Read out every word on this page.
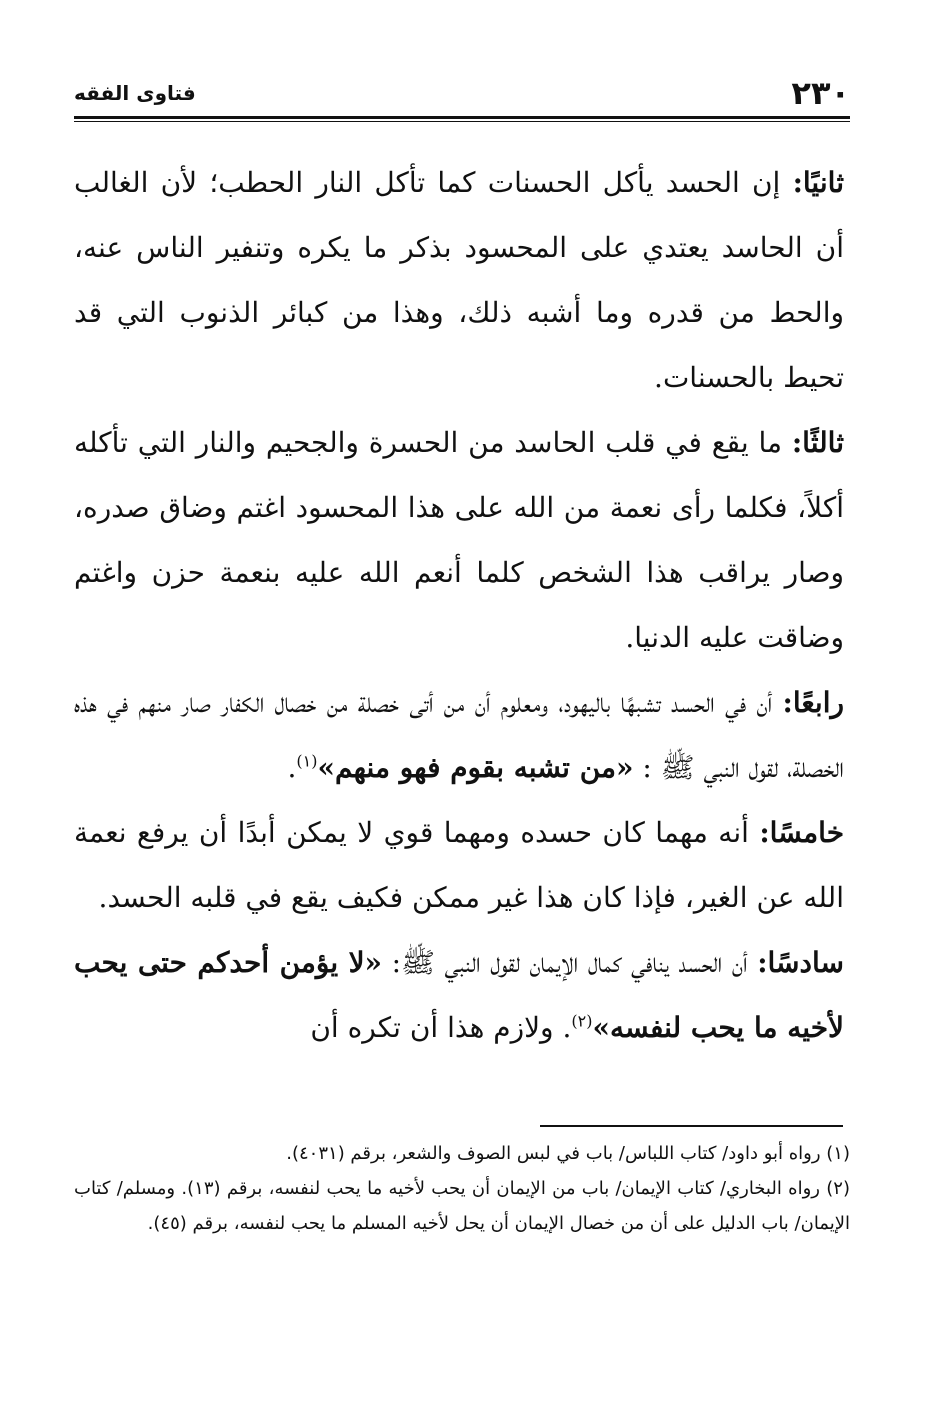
٢٣٠
فتاوى الفقه

ثانيًا: إن الحسد يأكل الحسنات كما تأكل النار الحطب؛ لأن الغالب أن الحاسد يعتدي على المحسود بذكر ما يكره وتنفير الناس عنه، والحط من قدره وما أشبه ذلك، وهذا من كبائر الذنوب التي قد تحيط بالحسنات.

ثالثًا: ما يقع في قلب الحاسد من الحسرة والجحيم والنار التي تأكله أكلاً، فكلما رأى نعمة من الله على هذا المحسود اغتم وضاق صدره، وصار يراقب هذا الشخص كلما أنعم الله عليه بنعمة حزن واغتم وضاقت عليه الدنيا.

رابعًا: أن في الحسد تشبهًا باليهود، ومعلوم أن من أتى خصلة من خصال الكفار صار منهم في هذه الخصلة، لقول النبي ﷺ : «من تشبه بقوم فهو منهم»$^{(١)}$.

خامسًا: أنه مهما كان حسده ومهما قوي لا يمكن أبدًا أن يرفع نعمة الله عن الغير، فإذا كان هذا غير ممكن فكيف يقع في قلبه الحسد.

سادسًا: أن الحسد ينافي كمال الإيمان لقول النبي ﷺ: «لا يؤمن أحدكم حتى يحب لأخيه ما يحب لنفسه»$^{(٢)}$. ولازم هذا أن تكره أن

(١) رواه أبو داود/ كتاب اللباس/ باب في لبس الصوف والشعر، برقم (٤٠٣١).

(٢) رواه البخاري/ كتاب الإيمان/ باب من الإيمان أن يحب لأخيه ما يحب لنفسه، برقم (١٣). ومسلم/ كتاب الإيمان/ باب الدليل على أن من خصال الإيمان أن يحل لأخيه المسلم ما يحب لنفسه، برقم (٤٥).
